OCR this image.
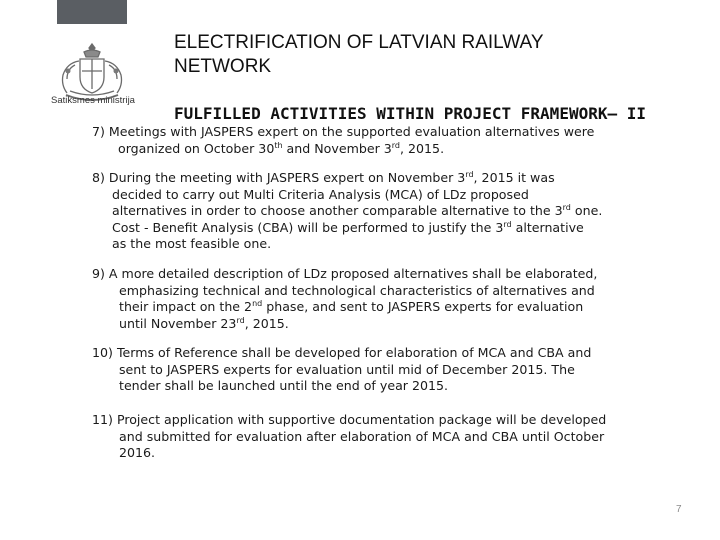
Satiksmes ministrija
ELECTRIFICATION OF LATVIAN RAILWAY NETWORK
FULFILLED ACTIVITIES WITHIN PROJECT FRAMEWORK– II
7) Meetings with JASPERS expert on the supported evaluation alternatives were
organized on October 30th and November 3rd, 2015.
8) During the meeting with JASPERS expert on November 3rd, 2015 it was
decided to carry out Multi Criteria Analysis (MCA) of LDz proposed
alternatives in order to choose another comparable alternative to the 3rd one.
Cost - Benefit Analysis (CBA) will be performed to justify the 3rd alternative
as the most feasible one.
9) A more detailed description of LDz proposed alternatives shall be elaborated,
emphasizing technical and technological characteristics of alternatives and
their impact on the 2nd phase, and sent to JASPERS experts for evaluation
until November 23rd, 2015.
10) Terms of Reference shall be developed for elaboration of MCA and CBA and
sent to JASPERS experts for evaluation until mid of December 2015. The
tender shall be launched until the end of year 2015.
11) Project application with supportive documentation package will be developed
and submitted for evaluation after elaboration of MCA and CBA until October
2016.
7
